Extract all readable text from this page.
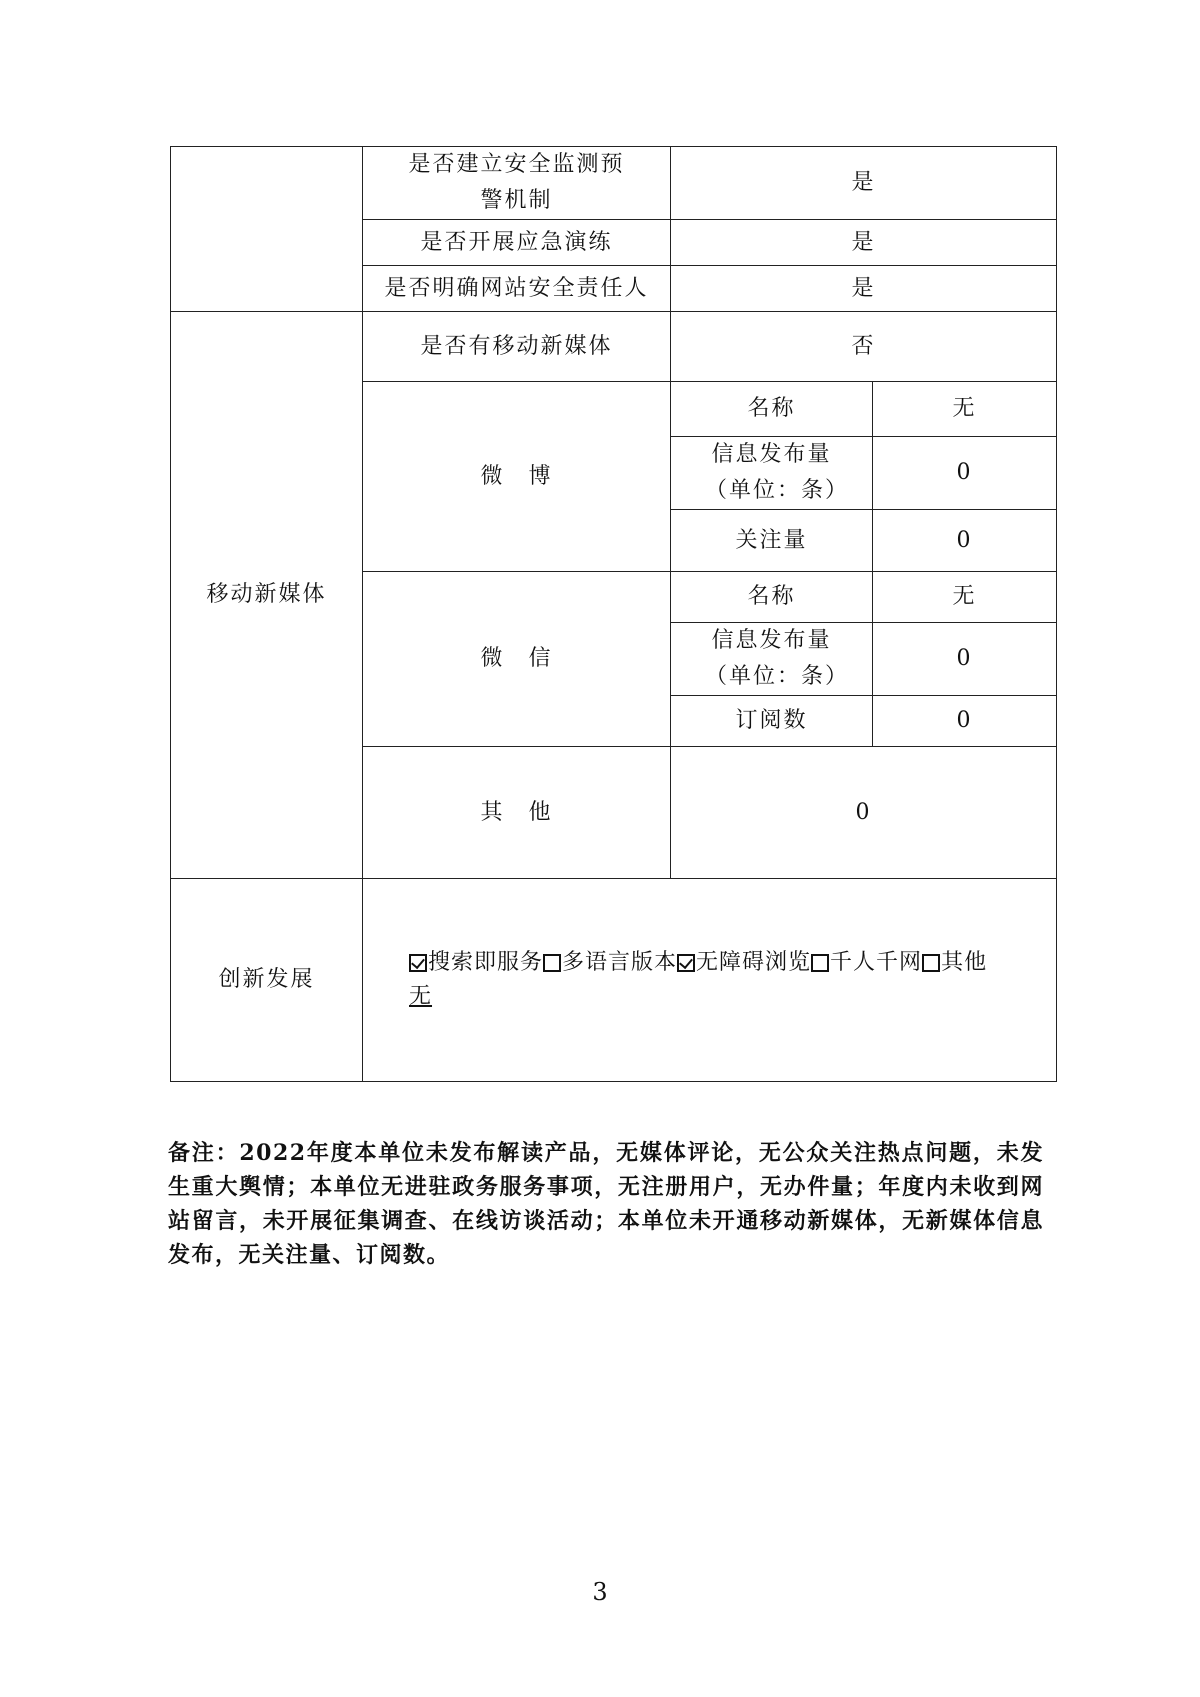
	是否建立安全监测预警机制	是	
	是否开展应急演练	是	
	是否明确网站安全责任人	是	
移动新媒体	是否有移动新媒体	否	
	微　博	名称	无
		信息发布量（单位：条）	0
		关注量	0
	微　信	名称	无
		信息发布量（单位：条）	0
		订阅数	0
	其　他	0	
创新发展	搜索即服务 多语言版本 无障碍浏览 千人千网 其他
无		

备注：2022年度本单位未发布解读产品，无媒体评论，无公众关注热点问题，未发生重大舆情；本单位无进驻政务服务事项，无注册用户，无办件量；年度内未收到网站留言，未开展征集调查、在线访谈活动；本单位未开通移动新媒体，无新媒体信息发布，无关注量、订阅数。

3
